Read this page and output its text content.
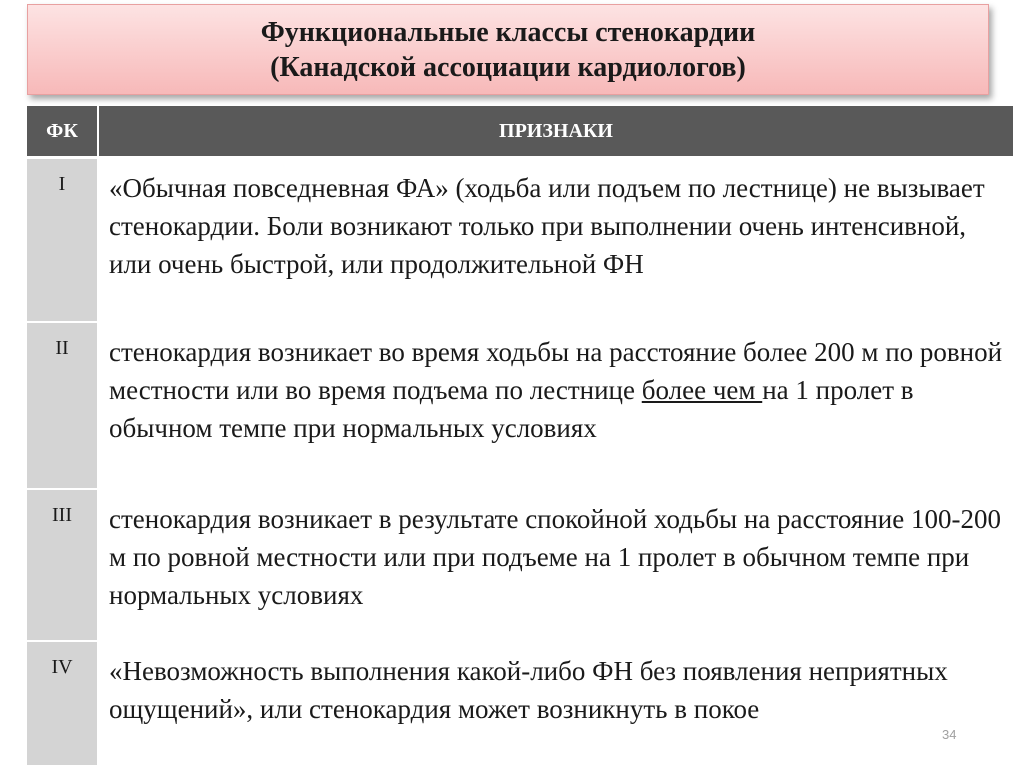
Функциональные классы стенокардии
(Канадской ассоциации кардиологов)
ФК	ПРИЗНАКИ
I	«Обычная повседневная ФА» (ходьба или подъем по лестнице) не вызывает стенокардии. Боли возникают только при выполнении очень интенсивной, или очень быстрой, или продолжительной ФН
II	стенокардия возникает во время ходьбы на расстояние более 200 м по ровной местности или во время подъема по лестнице более чем на 1 пролет в обычном темпе при нормальных условиях
III	стенокардия возникает в результате спокойной ходьбы на расстояние 100-200 м по ровной местности или при подъеме на 1 пролет в обычном темпе при нормальных условиях
IV	«Невозможность выполнения какой-либо ФН без появления неприятных ощущений», или стенокардия может возникнуть в покое
34
